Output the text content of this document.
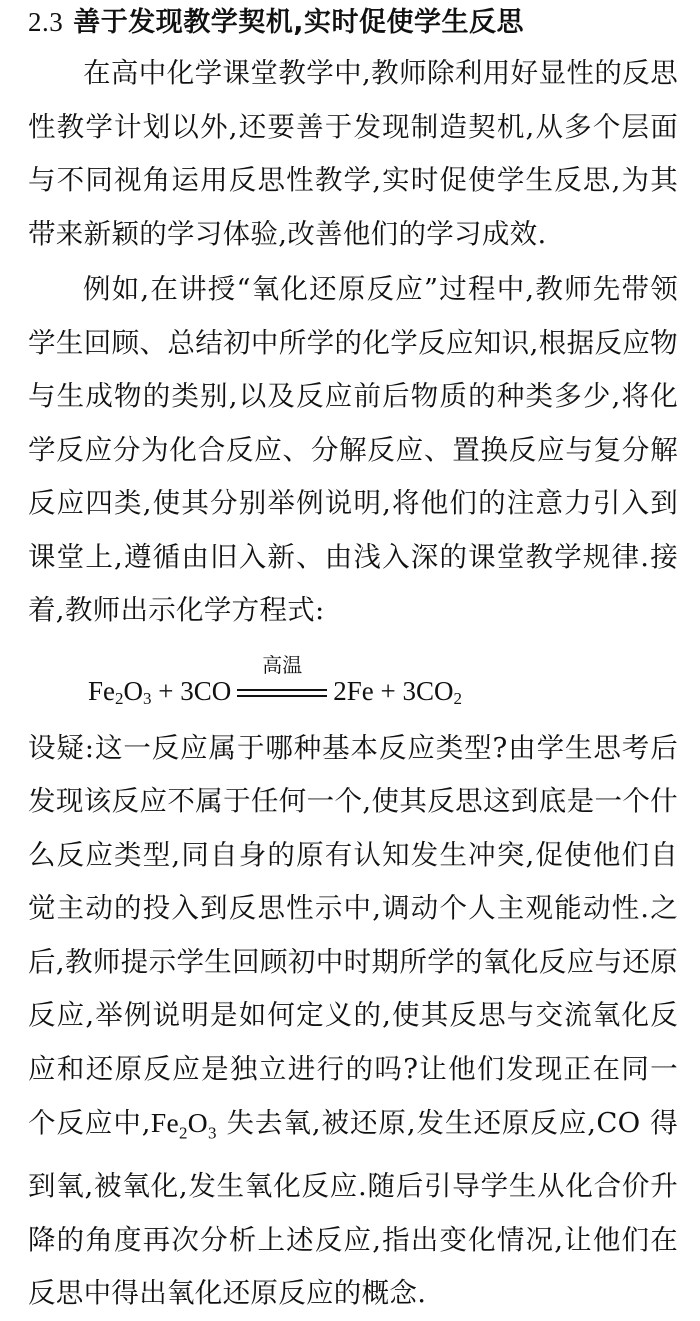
2.3 善于发现教学契机,实时促使学生反思

在高中化学课堂教学中,教师除利用好显性的反思性教学计划以外,还要善于发现制造契机,从多个层面与不同视角运用反思性教学,实时促使学生反思,为其带来新颖的学习体验,改善他们的学习成效.

例如,在讲授“氧化还原反应”过程中,教师先带领学生回顾、总结初中所学的化学反应知识,根据反应物与生成物的类别,以及反应前后物质的种类多少,将化学反应分为化合反应、分解反应、置换反应与复分解反应四类,使其分别举例说明,将他们的注意力引入到课堂上,遵循由旧入新、由浅入深的课堂教学规律.接着,教师出示化学方程式:

$Fe_2O_3 + 3CO$
高温
$2Fe + 3CO_2$

设疑:这一反应属于哪种基本反应类型?由学生思考后发现该反应不属于任何一个,使其反思这到底是一个什么反应类型,同自身的原有认知发生冲突,促使他们自觉主动的投入到反思性示中,调动个人主观能动性.之后,教师提示学生回顾初中时期所学的氧化反应与还原反应,举例说明是如何定义的,使其反思与交流氧化反应和还原反应是独立进行的吗?让他们发现正在同一个反应中$,Fe_2O_3$ 失去氧,被还原,发生还原反应,CO 得到氧,被氧化,发生氧化反应.随后引导学生从化合价升降的角度再次分析上述反应,指出变化情况,让他们在反思中得出氧化还原反应的概念.
